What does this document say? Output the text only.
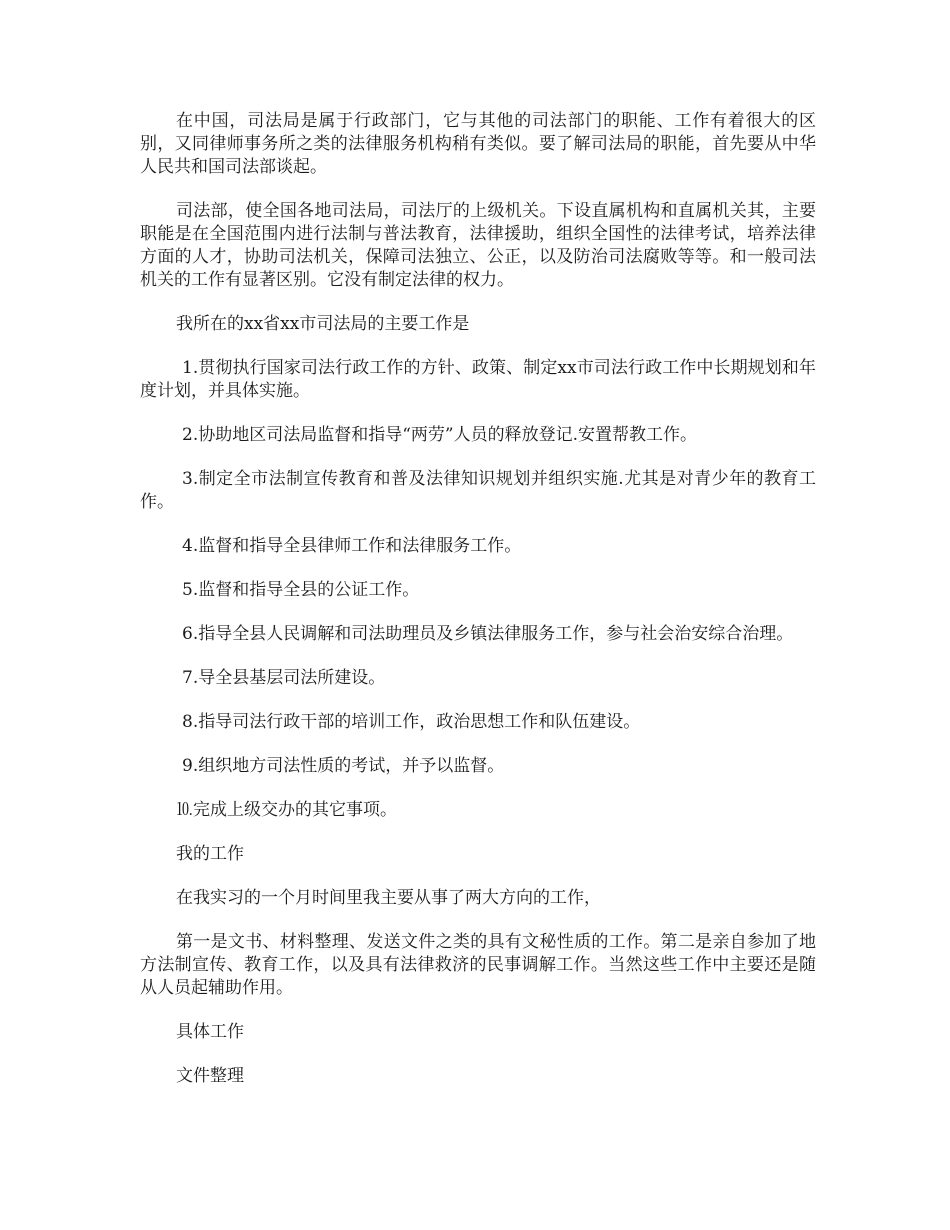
在中国，司法局是属于行政部门，它与其他的司法部门的职能、工作有着很大的区别，又同律师事务所之类的法律服务机构稍有类似。要了解司法局的职能，首先要从中华人民共和国司法部谈起。

司法部，使全国各地司法局，司法厅的上级机关。下设直属机构和直属机关其，主要职能是在全国范围内进行法制与普法教育，法律援助，组织全国性的法律考试，培养法律方面的人才，协助司法机关，保障司法独立、公正，以及防治司法腐败等等。和一般司法机关的工作有显著区别。它没有制定法律的权力。

我所在的xx省xx市司法局的主要工作是

1.贯彻执行国家司法行政工作的方针、政策、制定xx市司法行政工作中长期规划和年度计划，并具体实施。

2.协助地区司法局监督和指导“两劳”人员的释放登记.安置帮教工作。

3.制定全市法制宣传教育和普及法律知识规划并组织实施.尤其是对青少年的教育工作。

4.监督和指导全县律师工作和法律服务工作。

5.监督和指导全县的公证工作。

6.指导全县人民调解和司法助理员及乡镇法律服务工作，参与社会治安综合治理。

7.导全县基层司法所建设。

8.指导司法行政干部的培训工作，政治思想工作和队伍建设。

9.组织地方司法性质的考试，并予以监督。

⒑完成上级交办的其它事项。

我的工作

在我实习的一个月时间里我主要从事了两大方向的工作，

第一是文书、材料整理、发送文件之类的具有文秘性质的工作。第二是亲自参加了地方法制宣传、教育工作，以及具有法律救济的民事调解工作。当然这些工作中主要还是随从人员起辅助作用。

具体工作

文件整理
